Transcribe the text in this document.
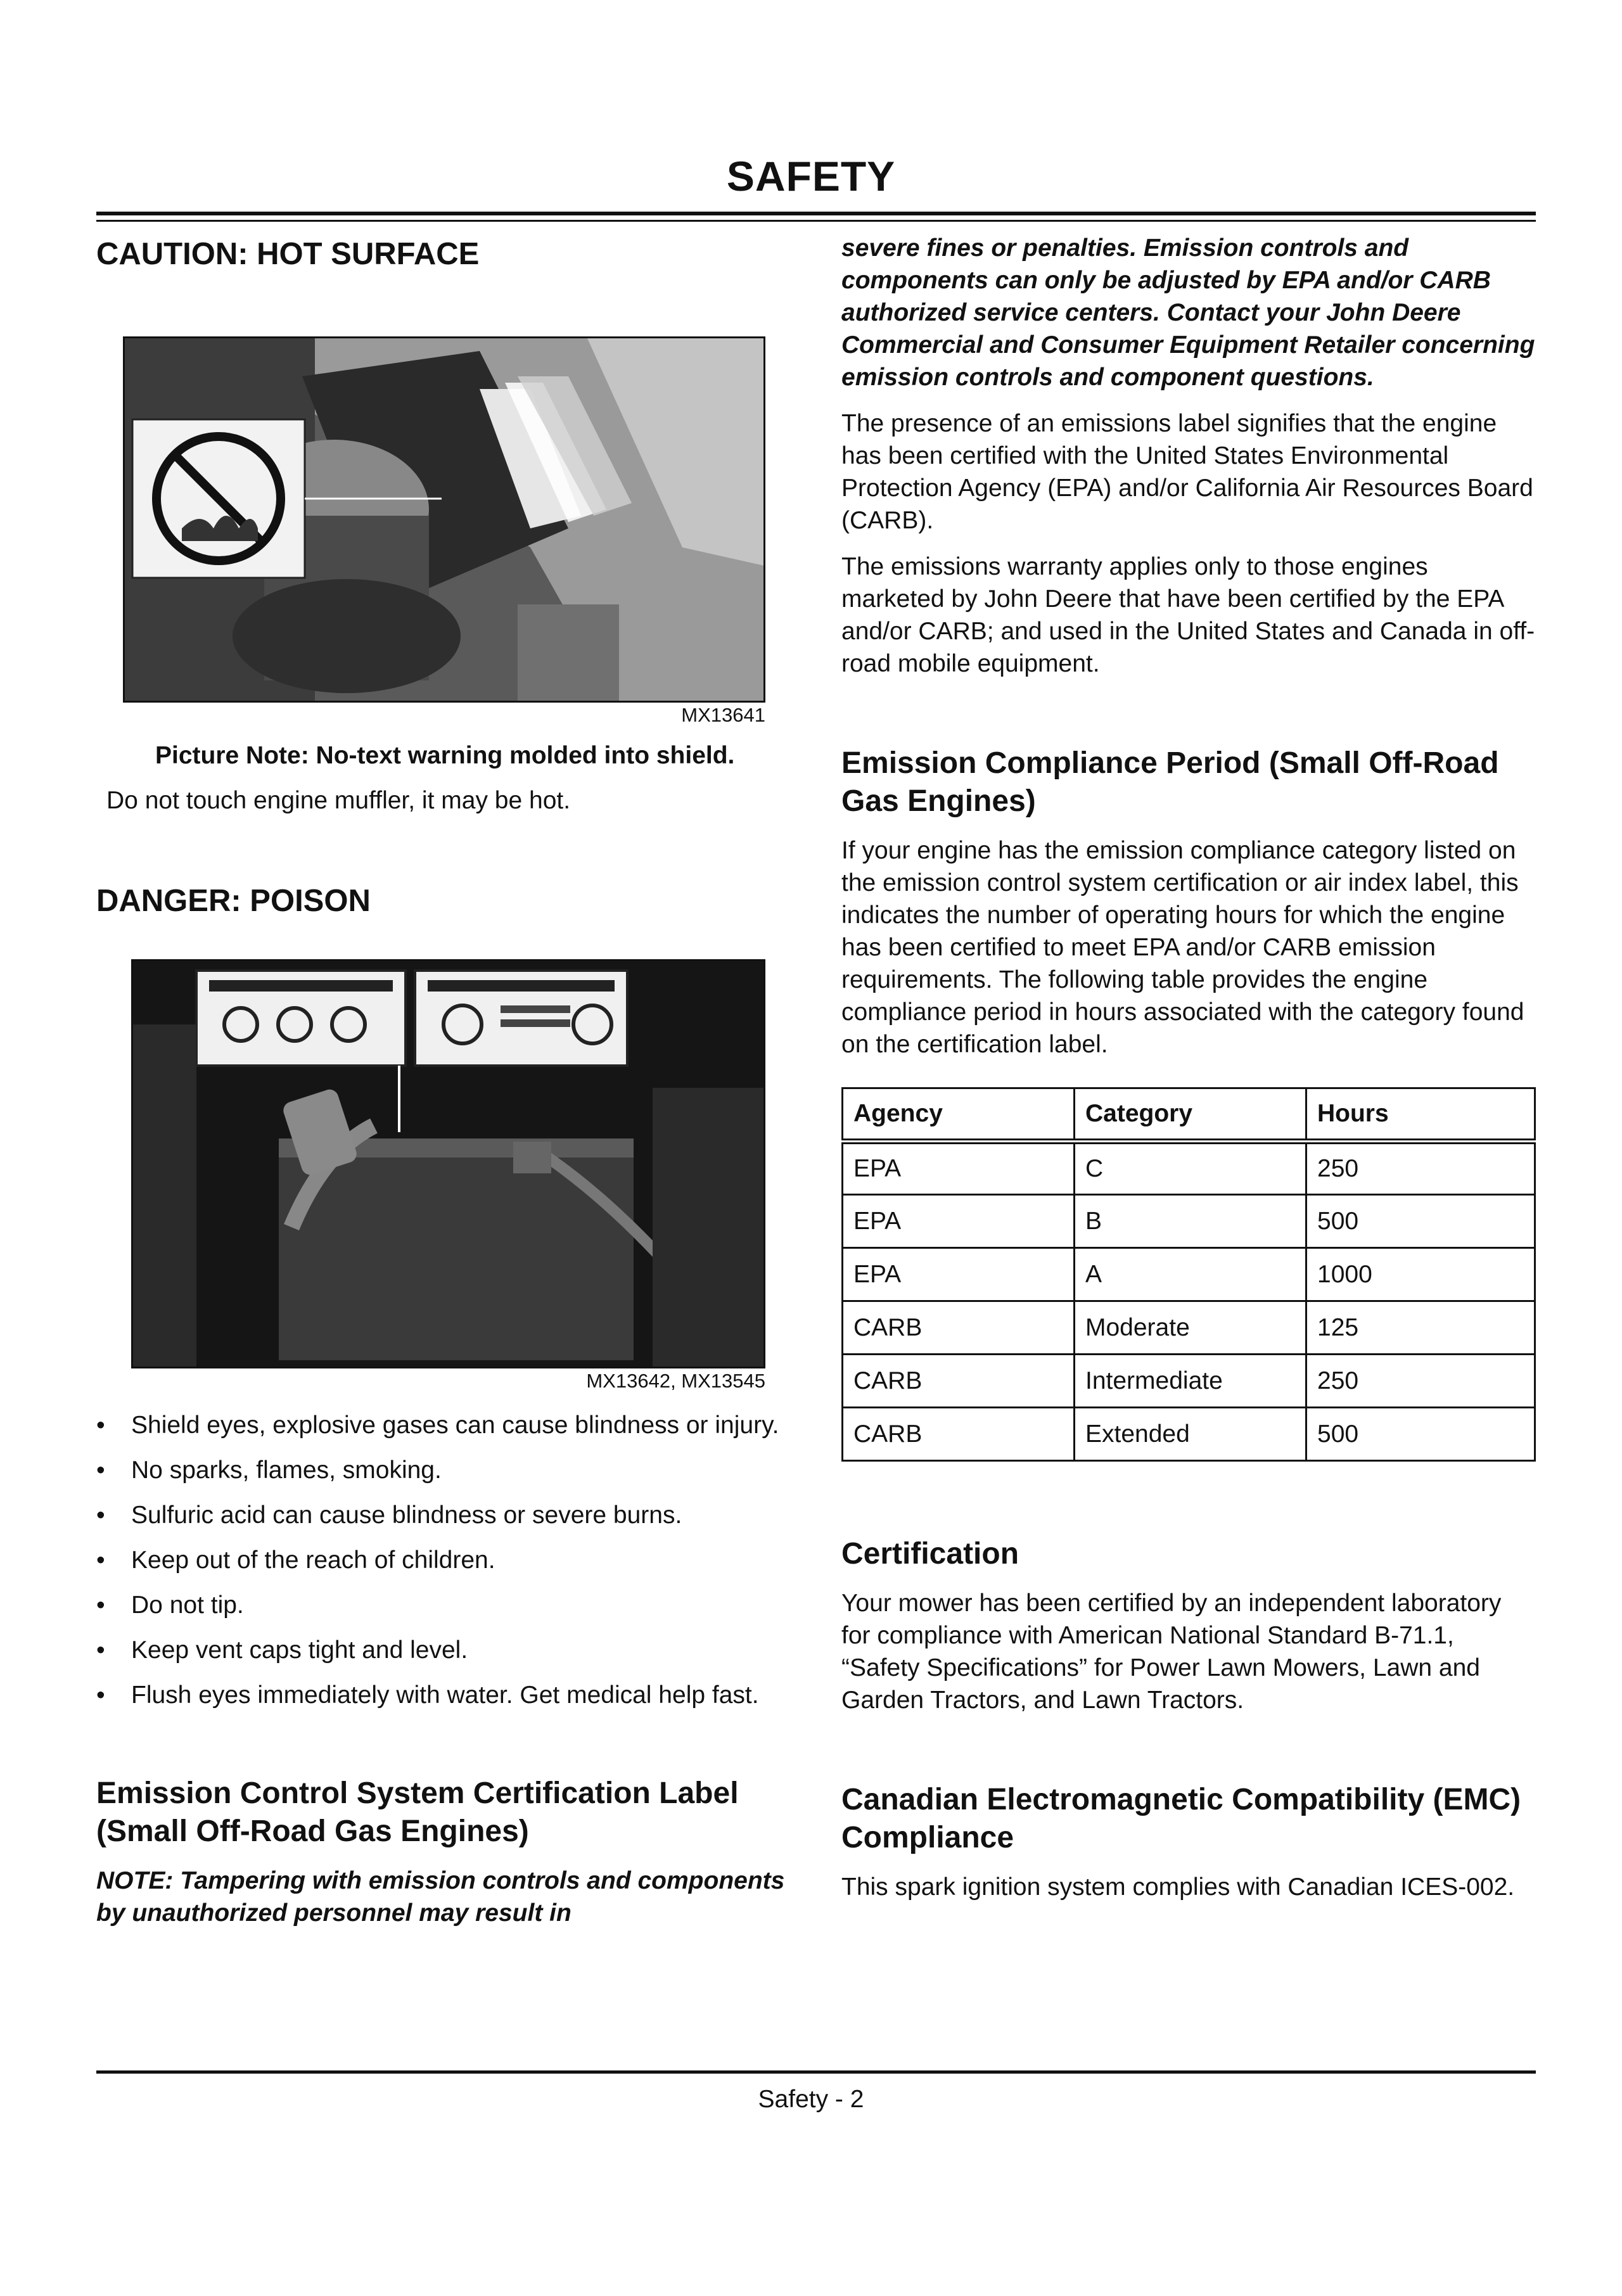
SAFETY
CAUTION: HOT SURFACE
MX13641

Picture Note: No-text warning molded into shield.

Do not touch engine muffler, it may be hot.

DANGER: POISON
MX13642, MX13545
• Shield eyes, explosive gases can cause blindness or injury.
• No sparks, flames, smoking.
• Sulfuric acid can cause blindness or severe burns.
• Keep out of the reach of children.
• Do not tip.
• Keep vent caps tight and level.
• Flush eyes immediately with water. Get medical help fast.
Emission Control System Certification Label (Small Off-Road Gas Engines)

NOTE: Tampering with emission controls and components by unauthorized personnel may result in

severe fines or penalties. Emission controls and components can only be adjusted by EPA and/or CARB authorized service centers. Contact your John Deere Commercial and Consumer Equipment Retailer concerning emission controls and component questions.

The presence of an emissions label signifies that the engine has been certified with the United States Environmental Protection Agency (EPA) and/or California Air Resources Board (CARB).

The emissions warranty applies only to those engines marketed by John Deere that have been certified by the EPA and/or CARB; and used in the United States and Canada in off-road mobile equipment.

Emission Compliance Period (Small Off-Road Gas Engines)

If your engine has the emission compliance category listed on the emission control system certification or air index label, this indicates the number of operating hours for which the engine has been certified to meet EPA and/or CARB emission requirements. The following table provides the engine compliance period in hours associated with the category found on the certification label.

Agency	Category	Hours
EPA	C	250
EPA	B	500
EPA	A	1000
CARB	Moderate	125
CARB	Intermediate	250
CARB	Extended	500
Certification

Your mower has been certified by an independent laboratory for compliance with American National Standard B-71.1, “Safety Specifications” for Power Lawn Mowers, Lawn and Garden Tractors, and Lawn Tractors.

Canadian Electromagnetic Compatibility (EMC) Compliance

This spark ignition system complies with Canadian ICES-002.

Safety - 2
